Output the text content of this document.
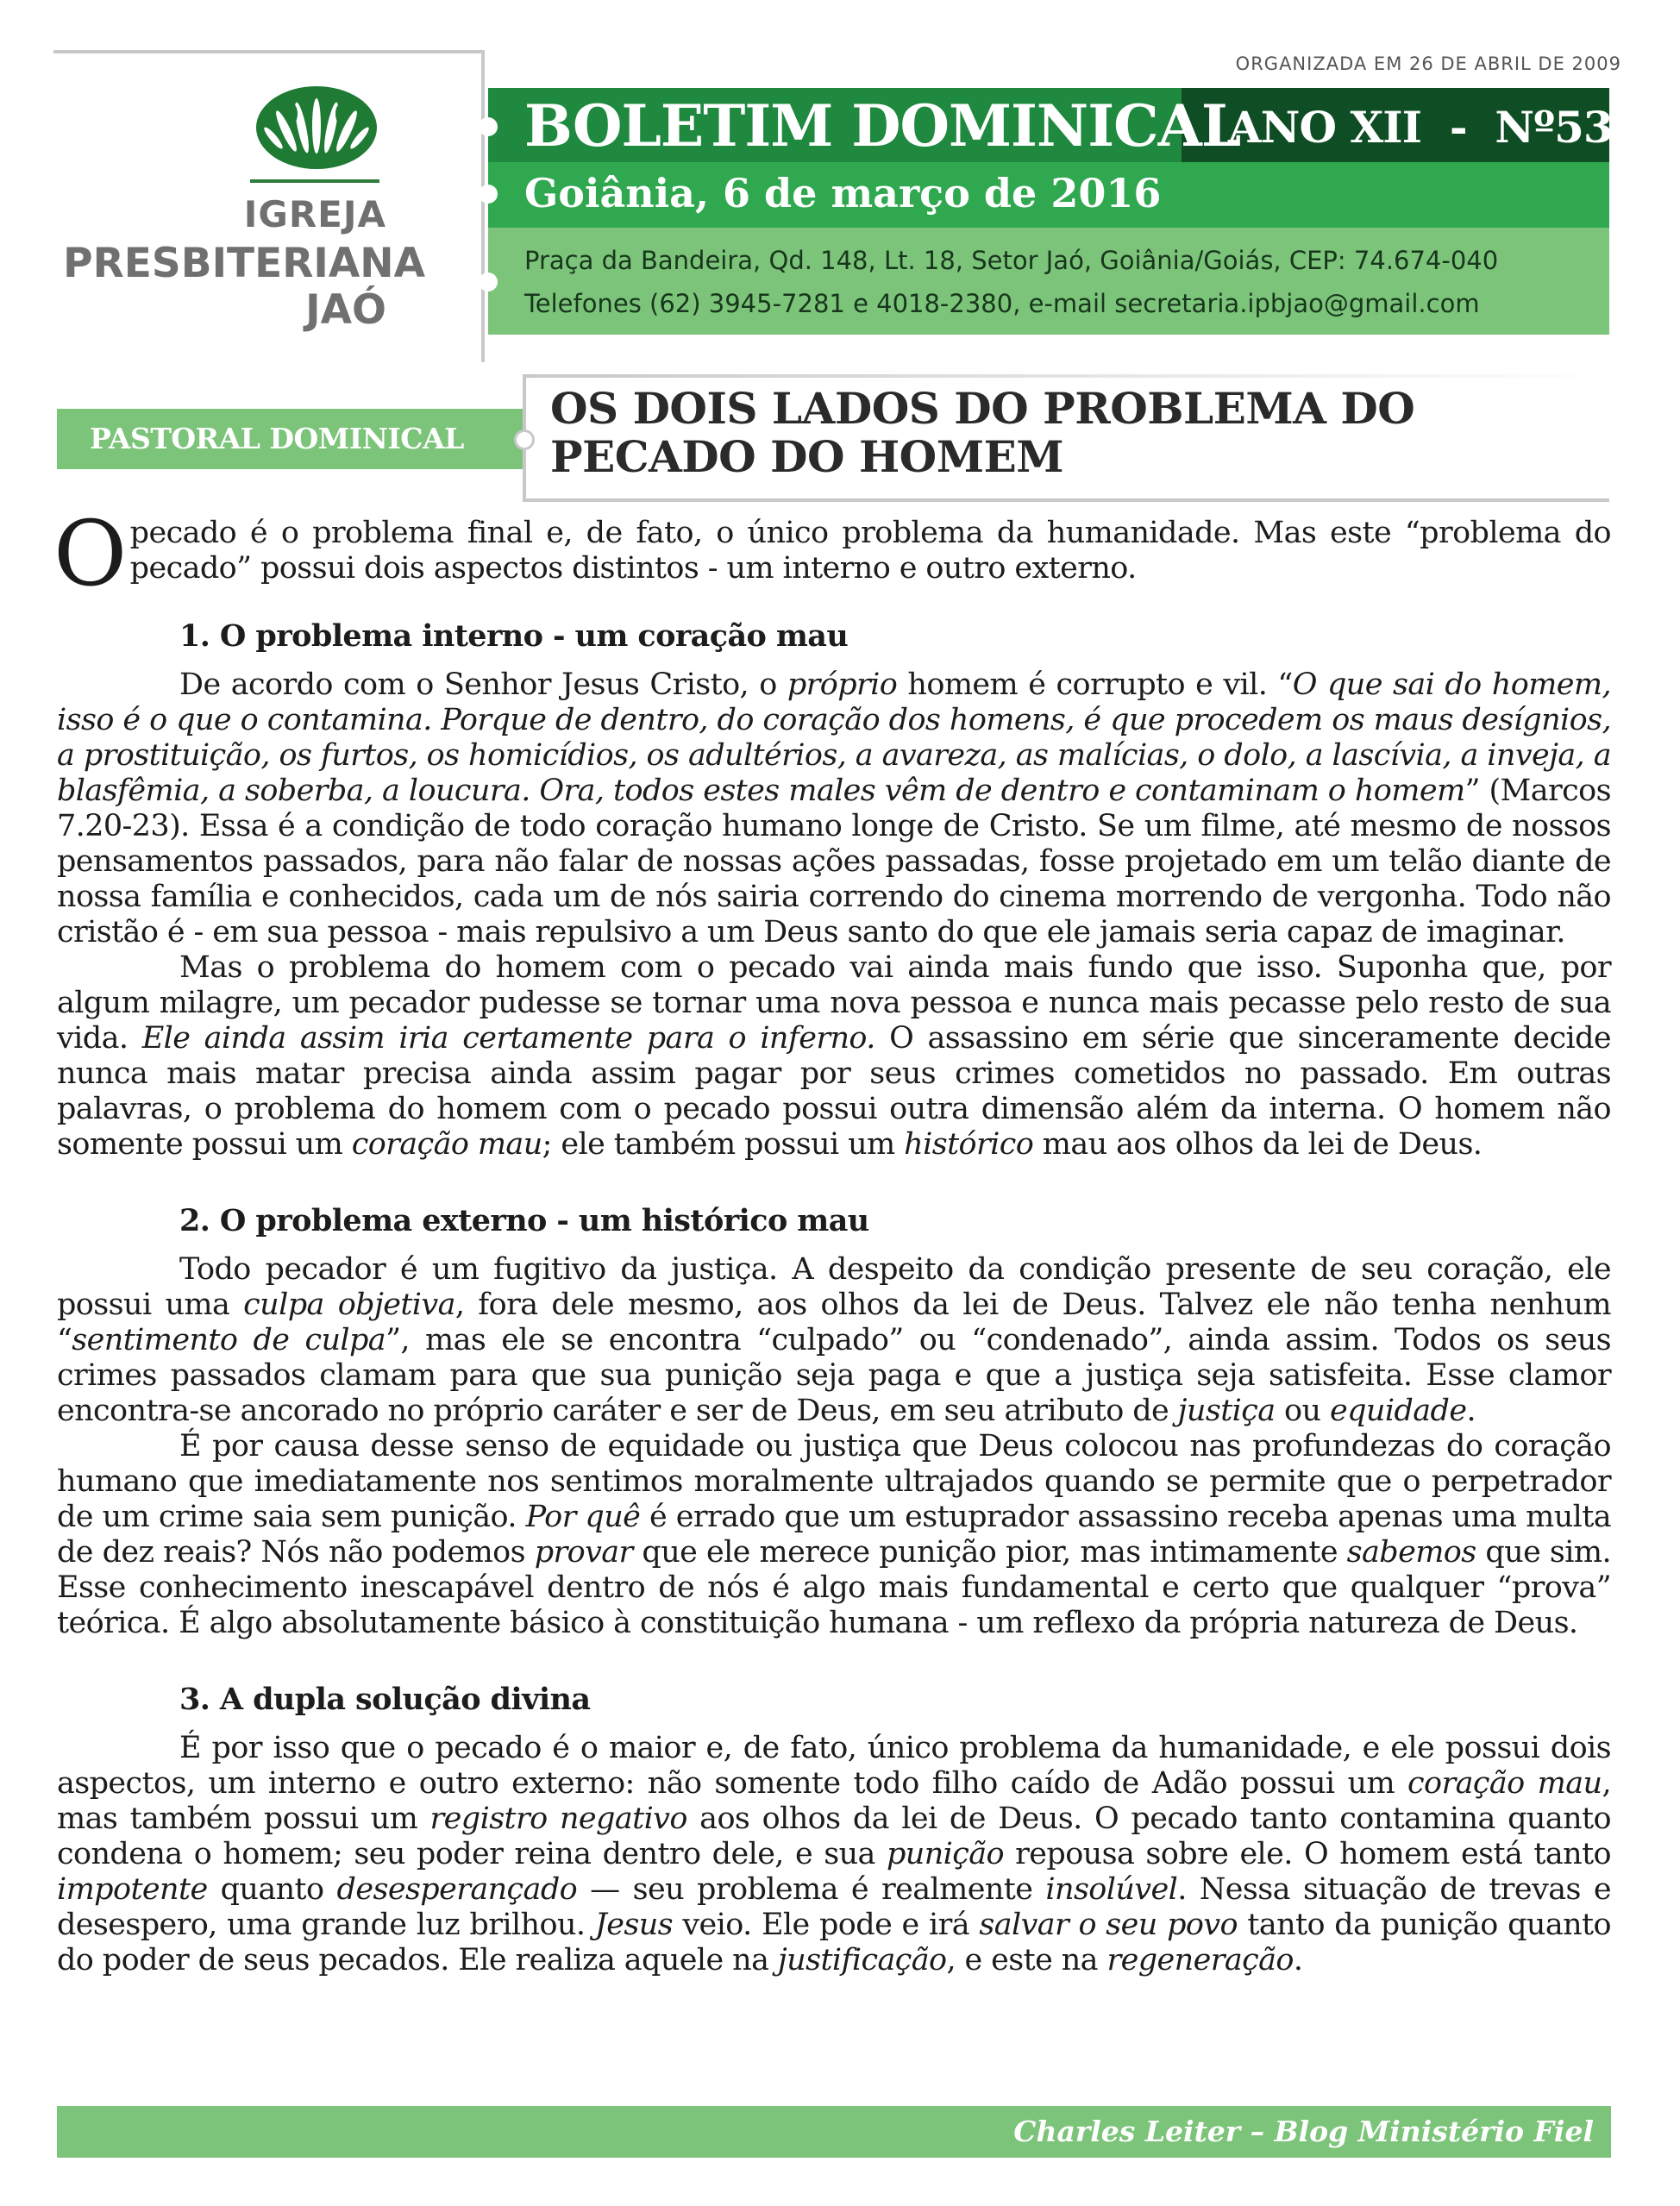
IGREJA
PRESBITERIANA
JAÓ
ORGANIZADA EM 26 DE ABRIL DE 2009
BOLETIM DOMINICAL
ANO XII  -  Nº533
Goiânia, 6 de março de 2016
Praça da Bandeira, Qd. 148, Lt. 18, Setor Jaó, Goiânia/Goiás, CEP: 74.674-040
Telefones (62) 3945-7281 e 4018-2380, e-mail secretaria.ipbjao@gmail.com
PASTORAL DOMINICAL
OS DOIS LADOS DO PROBLEMA DO PECADO DO HOMEM

Opecado é o problema final e, de fato, o único problema da humanidade. Mas este “problema do pecado” possui dois aspectos distintos - um interno e outro externo.

1. O problema interno - um coração mau

De acordo com o Senhor Jesus Cristo, o próprio homem é corrupto e vil. “O que sai do homem, isso é o que o contamina. Porque de dentro, do coração dos homens, é que procedem os maus desígnios, a prostituição, os furtos, os homicídios, os adultérios, a avareza, as malícias, o dolo, a lascívia, a inveja, a blasfêmia, a soberba, a loucura. Ora, todos estes males vêm de dentro e contaminam o homem” (Marcos 7.20-23). Essa é a condição de todo coração humano longe de Cristo. Se um filme, até mesmo de nossos pensamentos passados, para não falar de nossas ações passadas, fosse projetado em um telão diante de nossa família e conhecidos, cada um de nós sairia correndo do cinema morrendo de vergonha. Todo não cristão é - em sua pessoa - mais repulsivo a um Deus santo do que ele jamais seria capaz de imaginar.

Mas o problema do homem com o pecado vai ainda mais fundo que isso. Suponha que, por algum milagre, um pecador pudesse se tornar uma nova pessoa e nunca mais pecasse pelo resto de sua vida. Ele ainda assim iria certamente para o inferno. O assassino em série que sinceramente decide nunca mais matar precisa ainda assim pagar por seus crimes cometidos no passado. Em outras palavras, o problema do homem com o pecado possui outra dimensão além da interna. O homem não somente possui um coração mau; ele também possui um histórico mau aos olhos da lei de Deus.

2. O problema externo - um histórico mau

Todo pecador é um fugitivo da justiça. A despeito da condição presente de seu coração, ele possui uma culpa objetiva, fora dele mesmo, aos olhos da lei de Deus. Talvez ele não tenha nenhum “sentimento de culpa”, mas ele se encontra “culpado” ou “condenado”, ainda assim. Todos os seus crimes passados clamam para que sua punição seja paga e que a justiça seja satisfeita. Esse clamor encontra-se ancorado no próprio caráter e ser de Deus, em seu atributo de justiça ou equidade.

É por causa desse senso de equidade ou justiça que Deus colocou nas profundezas do coração humano que imediatamente nos sentimos moralmente ultrajados quando se permite que o perpetrador de um crime saia sem punição. Por quê é errado que um estuprador assassino receba apenas uma multa de dez reais? Nós não podemos provar que ele merece punição pior, mas intimamente sabemos que sim. Esse conhecimento inescapável dentro de nós é algo mais fundamental e certo que qualquer “prova” teórica. É algo absolutamente básico à constituição humana - um reflexo da própria natureza de Deus.

3. A dupla solução divina

É por isso que o pecado é o maior e, de fato, único problema da humanidade, e ele possui dois aspectos, um interno e outro externo: não somente todo filho caído de Adão possui um coração mau, mas também possui um registro negativo aos olhos da lei de Deus. O pecado tanto contamina quanto condena o homem; seu poder reina dentro dele, e sua punição repousa sobre ele. O homem está tanto impotente quanto desesperançado — seu problema é realmente insolúvel. Nessa situação de trevas e desespero, uma grande luz brilhou. Jesus veio. Ele pode e irá salvar o seu povo tanto da punição quanto do poder de seus pecados. Ele realiza aquele na justificação, e este na regeneração.

Charles Leiter – Blog Ministério Fiel
